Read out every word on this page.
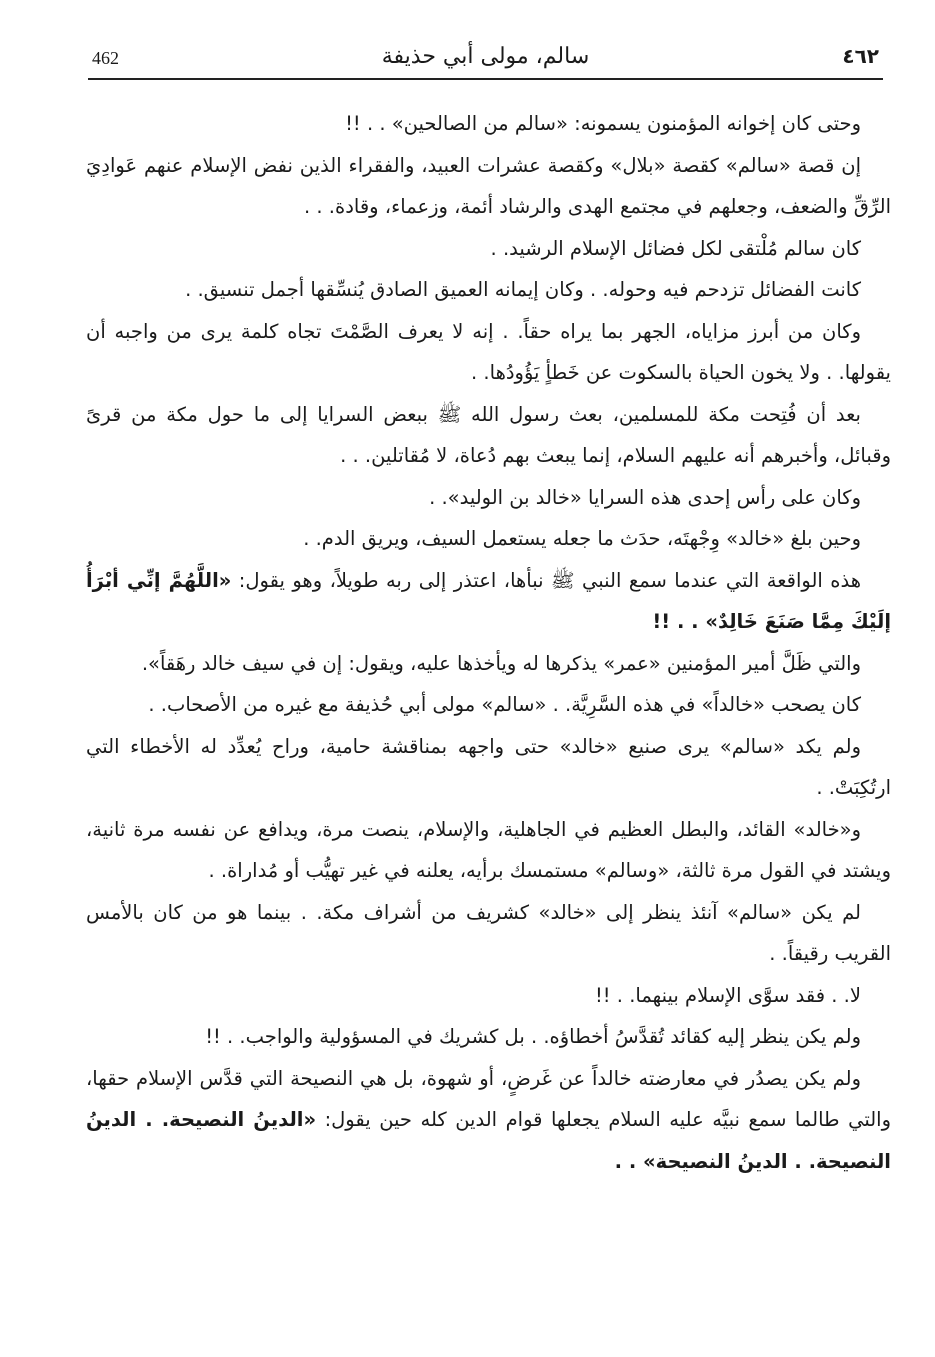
462	سالم، مولى أبي حذيفة	٤٦٢

وحتى كان إخوانه المؤمنون يسمونه: «سالم من الصالحين» . . !!

إن قصة «سالم» كقصة «بلال» وكقصة عشرات العبيد، والفقراء الذين نفض الإسلام عنهم عَوادِيَ الرِّقِّ والضعف، وجعلهم في مجتمع الهدى والرشاد أئمة، وزعماء، وقادة. . .

كان سالم مُلْتقى لكل فضائل الإسلام الرشيد. .

كانت الفضائل تزدحم فيه وحوله. . وكان إيمانه العميق الصادق يُنسِّقها أجمل تنسيق. .

وكان من أبرز مزاياه، الجهر بما يراه حقاً. . إنه لا يعرف الصَّمْتَ تجاه كلمة يرى من واجبه أن يقولها. . ولا يخون الحياة بالسكوت عن خَطأٍ يَؤُودُها. .

بعد أن فُتِحت مكة للمسلمين، بعث رسول الله ﷺ ببعض السرايا إلى ما حول مكة من قرىً وقبائل، وأخبرهم أنه عليهم السلام، إنما يبعث بهم دُعاة، لا مُقاتلين. . .

وكان على رأس إحدى هذه السرايا «خالد بن الوليد». .

وحين بلغ «خالد» وِجْهتَه، حدَث ما جعله يستعمل السيف، ويريق الدم. .

هذه الواقعة التي عندما سمع النبي ﷺ نبأها، اعتذر إلى ربه طويلاً، وهو يقول: «اللَّهُمَّ إنِّي أبْرَأُ إلَيْكَ مِمَّا صَنَعَ خَالِدٌ» . . !!

والتي ظَلَّ أمير المؤمنين «عمر» يذكرها له ويأخذها عليه، ويقول: إن في سيف خالد رهَقاً».

كان يصحب «خالداً» في هذه السَّرِيَّة. . «سالم» مولى أبي حُذيفة مع غيره من الأصحاب. .

ولم يكد «سالم» يرى صنيع «خالد» حتى واجهه بمناقشة حامية، وراح يُعدِّد له الأخطاء التي ارتُكِبَتْ. .

و«خالد» القائد، والبطل العظيم في الجاهلية، والإسلام، ينصت مرة، ويدافع عن نفسه مرة ثانية، ويشتد في القول مرة ثالثة، «وسالم» مستمسك برأيه، يعلنه في غير تهيُّب أو مُداراة. .

لم يكن «سالم» آنئذ ينظر إلى «خالد» كشريف من أشراف مكة. . بينما هو من كان بالأمس القريب رقيقاً. .

لا. . فقد سوَّى الإسلام بينهما. . !!

ولم يكن ينظر إليه كقائد تُقدَّسُ أخطاؤه. . بل كشريك في المسؤولية والواجب. . !!

ولم يكن يصدُر في معارضته خالداً عن غَرضٍ، أو شهوة، بل هي النصيحة التي قدَّس الإسلام حقها، والتي طالما سمع نبيَّه عليه السلام يجعلها قوام الدين كله حين يقول: «الدينُ النصيحة. . الدينُ النصيحة. . الدينُ النصيحة» . .
